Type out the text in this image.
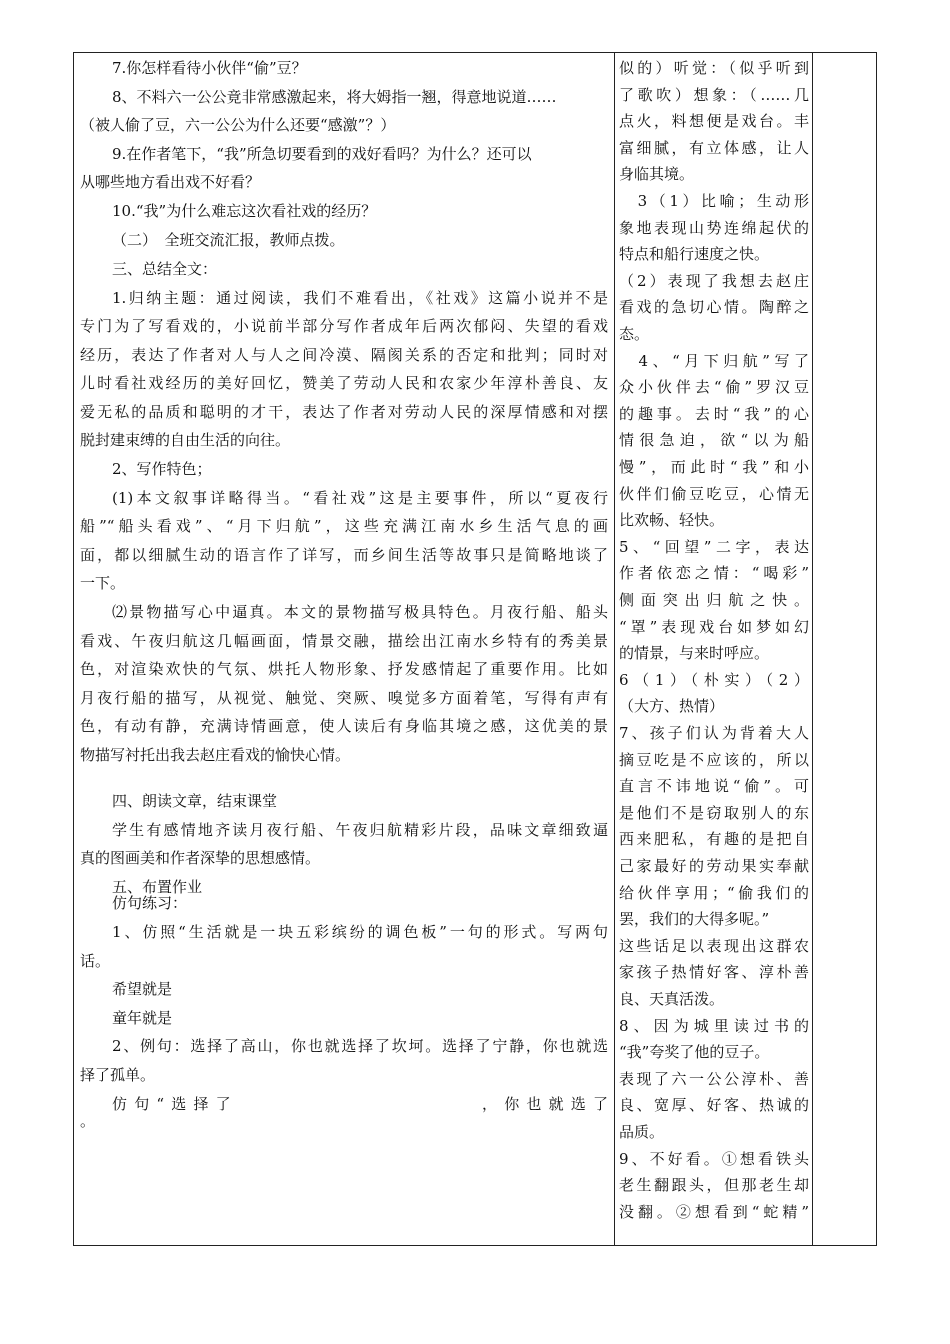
7.你怎样看待小伙伴“偷”豆？
8、不料六一公公竟非常感激起来，将大姆指一翘，得意地说道……
（被人偷了豆，六一公公为什么还要“感激”？）
9.在作者笔下，“我”所急切要看到的戏好看吗？为什么？还可以
从哪些地方看出戏不好看？
10.“我”为什么难忘这次看社戏的经历？
（二）　全班交流汇报，教师点拨。
三、总结全文：
1.归纳主题：通过阅读，我们不难看出，《社戏》这篇小说并不是
专门为了写看戏的，小说前半部分写作者成年后两次郁闷、失望的看戏
经历，表达了作者对人与人之间冷漠、隔阂关系的否定和批判；同时对
儿时看社戏经历的美好回忆，赞美了劳动人民和农家少年淳朴善良、友
爱无私的品质和聪明的才干，表达了作者对劳动人民的深厚情感和对摆
脱封建束缚的自由生活的向往。
2、写作特色；
(1)本文叙事详略得当。“看社戏”这是主要事件，所以“夏夜行
船”“船头看戏”、“月下归航”，这些充满江南水乡生活气息的画
面，都以细腻生动的语言作了详写，而乡间生活等故事只是简略地谈了
一下。
⑵景物描写心中逼真。本文的景物描写极具特色。月夜行船、船头
看戏、午夜归航这几幅画面，情景交融，描绘出江南水乡特有的秀美景
色，对渲染欢快的气氛、烘托人物形象、抒发感情起了重要作用。比如
月夜行船的描写，从视觉、触觉、突厥、嗅觉多方面着笔，写得有声有
色，有动有静，充满诗情画意，使人读后有身临其境之感，这优美的景
物描写衬托出我去赵庄看戏的愉快心情。
四、朗读文章，结束课堂
学生有感情地齐读月夜行船、午夜归航精彩片段，品味文章细致逼
真的图画美和作者深挚的思想感情。
五、布置作业
仿句练习：
1、仿照“生活就是一块五彩缤纷的调色板”一句的形式。写两句
话。
希望就是
童年就是
2、例句：选择了高山，你也就选择了坎坷。选择了宁静，你也就选
择了孤单。
仿句“选择了　　　　　　　　　　　，你也就选了
。
似的）听觉：（似乎听到
了歌吹）想象：（……几
点火，料想便是戏台。丰
富细腻，有立体感，让人
身临其境。
　3（1）比喻；生动形
象地表现山势连绵起伏的
特点和船行速度之快。
（2）表现了我想去赵庄
看戏的急切心情。陶醉之
态。
　4、“月下归航”写了
众小伙伴去“偷”罗汉豆
的趣事。去时“我”的心
情很急迫，欲“以为船
慢”，而此时“我”和小
伙伴们偷豆吃豆，心情无
比欢畅、轻快。
5、“回望”二字，表达
作者依恋之情：“喝彩”
侧面突出归航之快。
“罩”表现戏台如梦如幻
的情景，与来时呼应。
6（1）（朴实）（2）
（大方、热情）
7、孩子们认为背着大人
摘豆吃是不应该的，所以
直言不讳地说“偷”。可
是他们不是窃取别人的东
西来肥私，有趣的是把自
己家最好的劳动果实奉献
给伙伴享用；“偷我们的
罢，我们的大得多呢。”
这些话足以表现出这群农
家孩子热情好客、淳朴善
良、天真活泼。
8、因为城里读过书的
“我”夸奖了他的豆子。
表现了六一公公淳朴、善
良、宽厚、好客、热诚的
品质。
9、不好看。①想看铁头
老生翻跟头，但那老生却
没翻。②想看到“蛇精”
